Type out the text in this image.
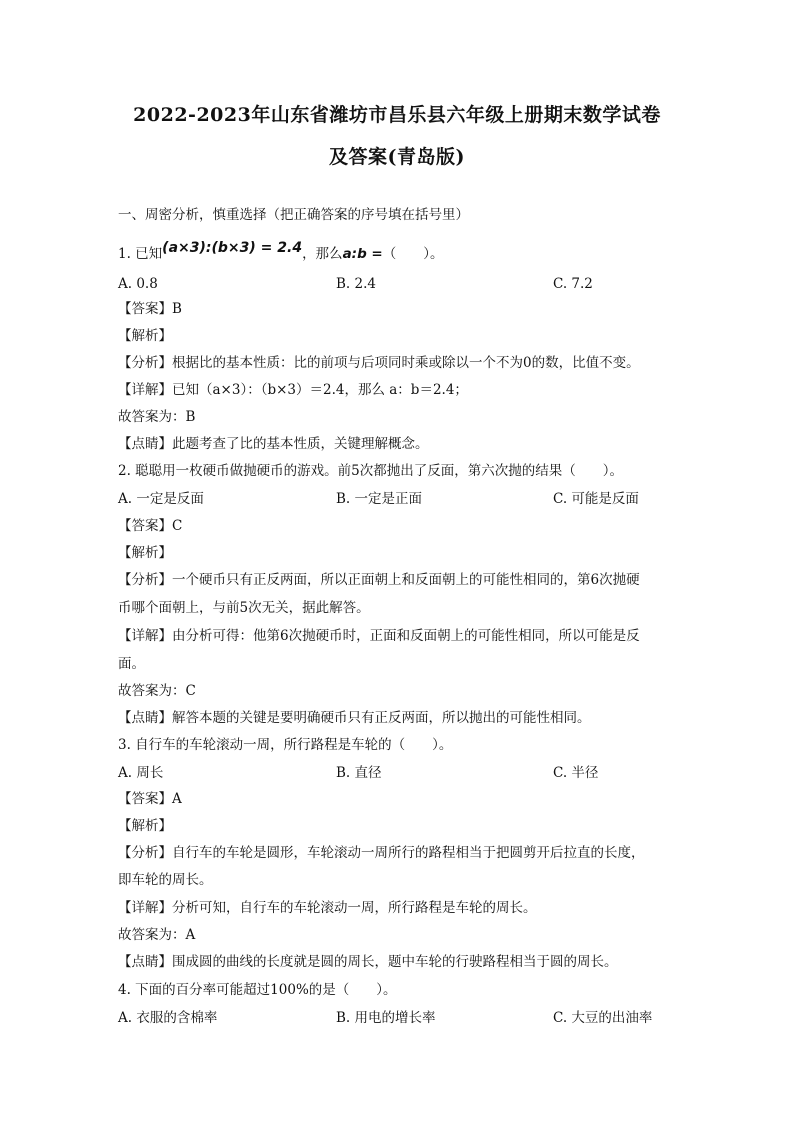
2022-2023年山东省潍坊市昌乐县六年级上册期末数学试卷
及答案(青岛版)
一、周密分析，慎重选择（把正确答案的序号填在括号里）
1. 已知(a×3):(b×3) = 2.4，那么a:b =（　　）。
A. 0.8	B. 2.4	C. 7.2
【答案】B
【解析】
【分析】根据比的基本性质：比的前项与后项同时乘或除以一个不为0的数，比值不变。
【详解】已知（a×3）：（b×3）＝2.4，那么 a：b＝2.4；
故答案为：B
【点睛】此题考查了比的基本性质，关键理解概念。
2. 聪聪用一枚硬币做抛硬币的游戏。前5次都抛出了反面，第六次抛的结果（　　）。
A. 一定是反面	B. 一定是正面	C. 可能是反面
【答案】C
【解析】
【分析】一个硬币只有正反两面，所以正面朝上和反面朝上的可能性相同的，第6次抛硬
币哪个面朝上，与前5次无关，据此解答。
【详解】由分析可得：他第6次抛硬币时，正面和反面朝上的可能性相同，所以可能是反
面。
故答案为：C
【点睛】解答本题的关键是要明确硬币只有正反两面，所以抛出的可能性相同。
3. 自行车的车轮滚动一周，所行路程是车轮的（　　）。
A. 周长	B. 直径	C. 半径
【答案】A
【解析】
【分析】自行车的车轮是圆形，车轮滚动一周所行的路程相当于把圆剪开后拉直的长度，
即车轮的周长。
【详解】分析可知，自行车的车轮滚动一周，所行路程是车轮的周长。
故答案为：A
【点睛】围成圆的曲线的长度就是圆的周长，题中车轮的行驶路程相当于圆的周长。
4. 下面的百分率可能超过100%的是（　　）。
A. 衣服的含棉率	B. 用电的增长率	C. 大豆的出油率
